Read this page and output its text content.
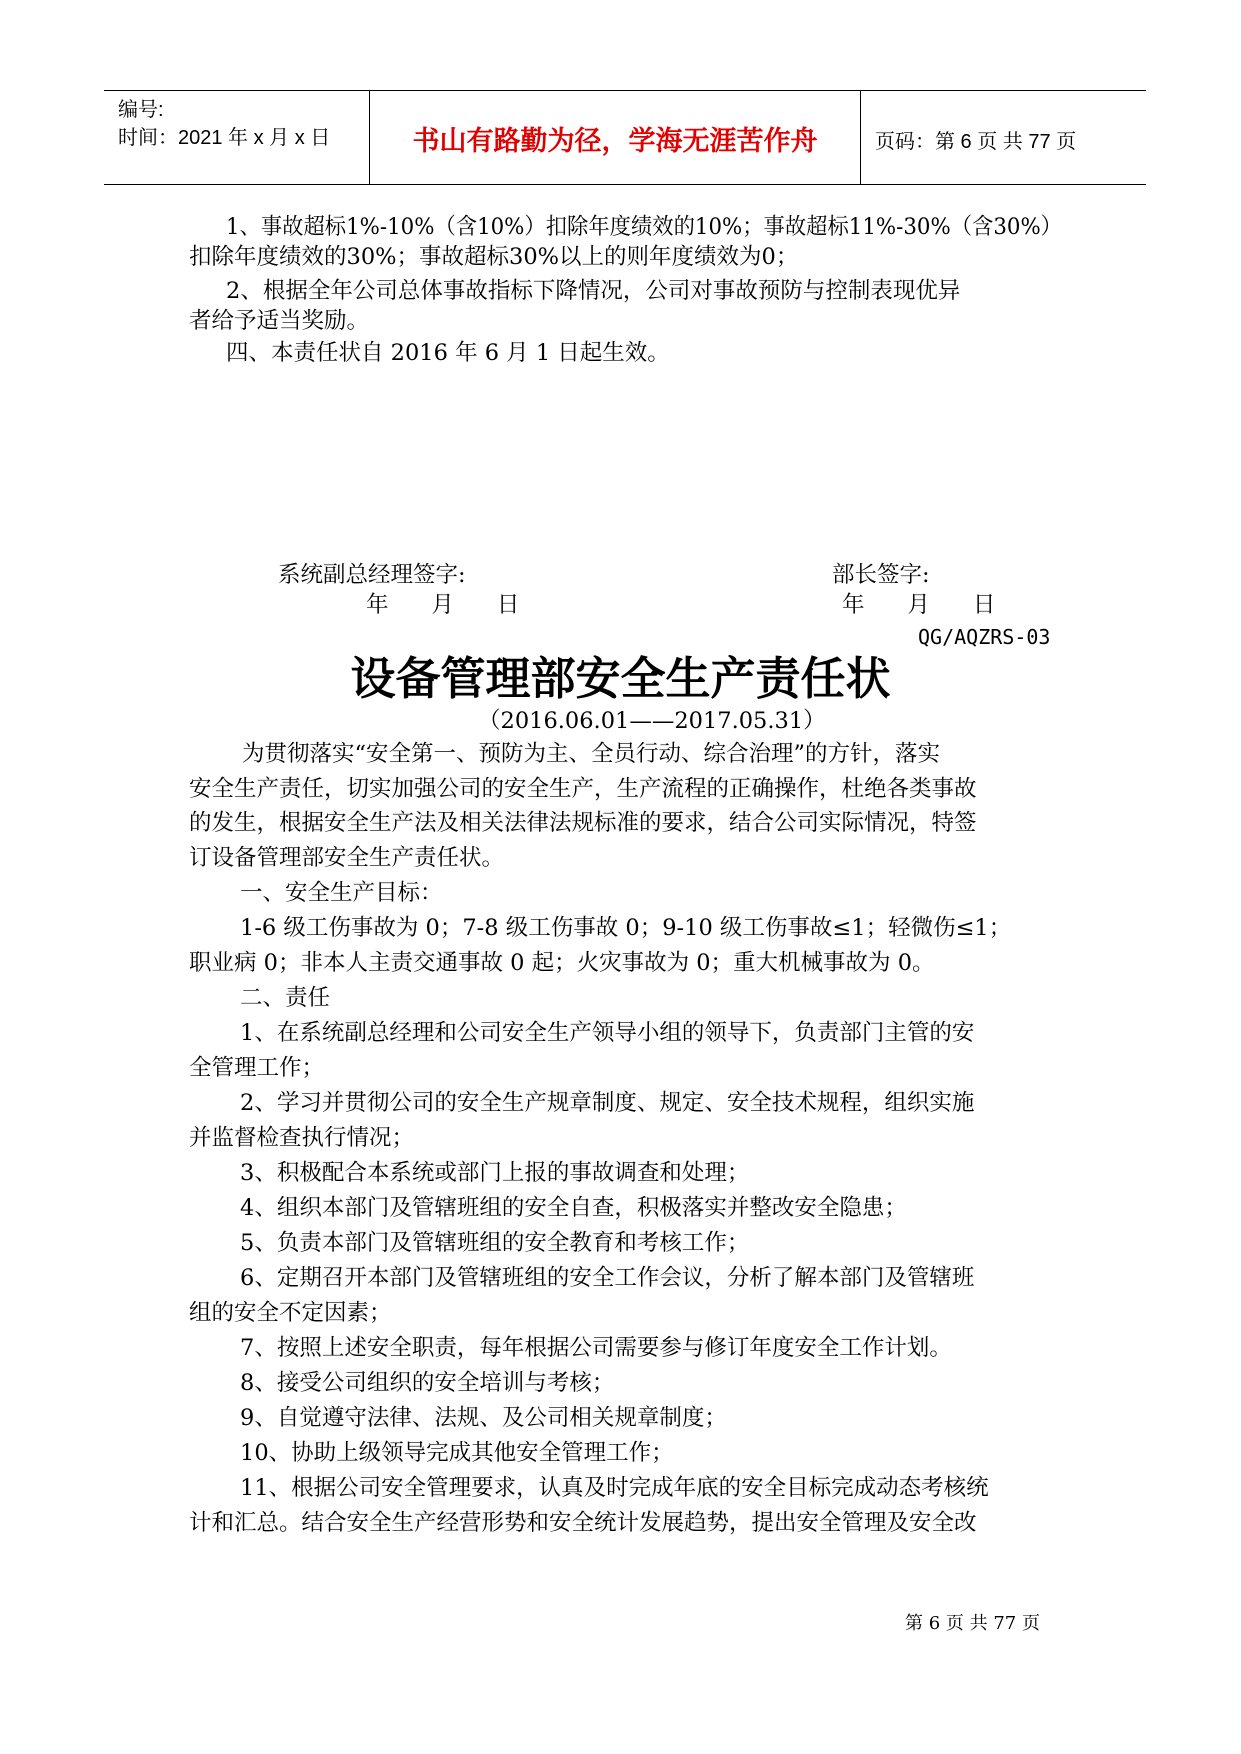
编号:
时间：2021 年 x 月 x 日	书山有路勤为径，学海无涯苦作舟	页码：第 6 页 共 77 页
1、事故超标1%-10%（含10%）扣除年度绩效的10%；事故超标11%-30%（含30%）
扣除年度绩效的30%；事故超标30%以上的则年度绩效为0；
2、根据全年公司总体事故指标下降情况，公司对事故预防与控制表现优异
者给予适当奖励。
四、本责任状自 2016 年 6 月 1 日起生效。
系统副总经理签字:
年      月      日
部长签字:
年      月      日
QG/AQZRS-03
设备管理部安全生产责任状
（2016.06.01——2017.05.31）
为贯彻落实“安全第一、预防为主、全员行动、综合治理”的方针，落实
安全生产责任，切实加强公司的安全生产，生产流程的正确操作，杜绝各类事故
的发生，根据安全生产法及相关法律法规标准的要求，结合公司实际情况，特签
订设备管理部安全生产责任状。
一、安全生产目标：
1-6 级工伤事故为 0；7-8 级工伤事故 0；9-10 级工伤事故≤1；轻微伤≤1；
职业病 0；非本人主责交通事故 0 起；火灾事故为 0；重大机械事故为 0。
二、责任
1、在系统副总经理和公司安全生产领导小组的领导下，负责部门主管的安
全管理工作；
2、学习并贯彻公司的安全生产规章制度、规定、安全技术规程，组织实施
并监督检查执行情况；
3、积极配合本系统或部门上报的事故调查和处理；
4、组织本部门及管辖班组的安全自查，积极落实并整改安全隐患；
5、负责本部门及管辖班组的安全教育和考核工作；
6、定期召开本部门及管辖班组的安全工作会议，分析了解本部门及管辖班
组的安全不定因素；
7、按照上述安全职责，每年根据公司需要参与修订年度安全工作计划。
8、接受公司组织的安全培训与考核；
9、自觉遵守法律、法规、及公司相关规章制度；
10、协助上级领导完成其他安全管理工作；
11、根据公司安全管理要求，认真及时完成年底的安全目标完成动态考核统
计和汇总。结合安全生产经营形势和安全统计发展趋势，提出安全管理及安全改
第 6 页 共 77 页
